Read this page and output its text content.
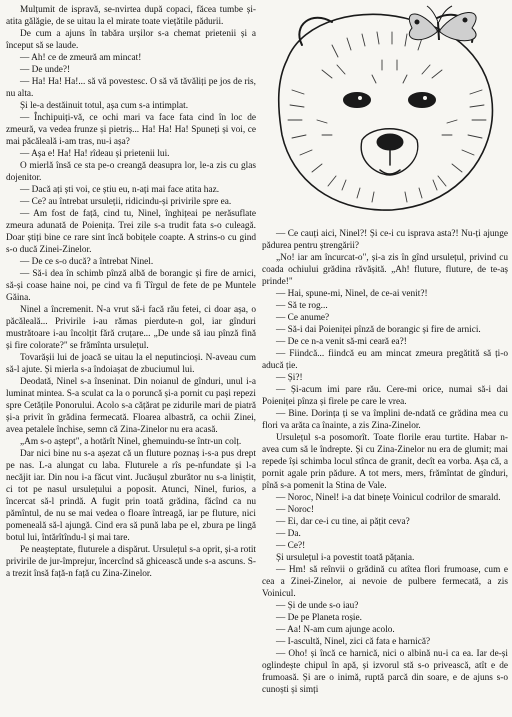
Mulțumit de ispravă, se-nvirtea după copaci, făcea tumbe și-atita gălăgie, de se uitau la el mirate toate viețătile pădurii.

De cum a ajuns în tabăra urșilor s-a chemat prietenii și a început să se laude.

— Ah! ce de zmeură am mincat!

— De unde?!

— Ha! Ha! Ha!... să vă povestesc. O să vă tăvăliți pe jos de ris, nu alta.

Și le-a destăinuit totul, așa cum s-a intimplat.

— Închipuiți-vă, ce ochi mari va face fata cind în loc de zmeură, va vedea frunze și pietriș... Ha! Ha! Ha! Spuneți și voi, ce mai păcăleală i-am tras, nu-i așa?

— Așa e! Ha! Ha! rîdeau și prietenii lui.

O mierlă însă ce sta pe-o creangă deasupra lor, le-a zis cu glas dojenitor.

— Dacă ați ști voi, ce știu eu, n-ați mai face atita haz.

— Ce? au întrebat ursuleții, ridicindu-și privirile spre ea.

— Am fost de față, cind tu, Ninel, înghițeai pe nerăsuflate zmeura adunată de Poienița. Trei zile s-a trudit fata s-o culeagă. Doar știți bine ce rare sint încă bobițele coapte. A strins-o cu gind s-o ducă Zinei-Zinelor.

— De ce s-o ducă? a întrebat Ninel.

— Să-i dea în schimb pînză albă de borangic și fire de arnici, să-și coase haine noi, pe cind va fi Tîrgul de fete de pe Muntele Găina.

Ninel a încremenit. N-a vrut să-i facă rău fetei, ci doar așa, o păcăleală... Privirile i-au rămas pierdute-n gol, iar gînduri mustrătoare i-au încolțit fără cruțare... „De unde să iau pînză fină și fire colorate?" se frămînta ursulețul.

Tovarășii lui de joacă se uitau la el neputincioși. N-aveau cum să-l ajute. Și mierla s-a îndoiașat de zbuciumul lui.

Deodată, Ninel s-a înseninat. Din noianul de gînduri, unul i-a luminat mintea. S-a sculat ca la o poruncă și-a pornit cu pași repezi spre Cetățile Ponorului. Acolo s-a cățărat pe zidurile mari de piatră și-a privit în grădina fermecată. Floarea albastră, ca ochii Zinei, avea petalele închise, semn că Zina-Zinelor nu era acasă.

„Am s-o aștept", a hotărît Ninel, ghemuindu-se într-un colț.

Dar nici bine nu s-a așezat că un fluture poznaș i-s-a pus drept pe nas. L-a alungat cu laba. Fluturele a rîs pe-nfundate și l-a necăjit iar. Din nou i-a făcut vint. Jucăușul zburător nu s-a liniștit, ci tot pe nasul ursulețului a poposit. Atunci, Ninel, furios, a încercat să-l prindă. A fugit prin toată grădina, făcînd ca nu pămîntul, de nu se mai vedea o floare întreagă, iar pe fluture, nici pomeneală să-l ajungă. Cind era să pună laba pe el, zbura pe lingă botul lui, întărîtîndu-l și mai tare.

Pe neașteptate, fluturele a dispărut. Ursulețul s-a oprit, și-a rotit privirile de jur-împrejur, încercînd să ghicească unde s-a ascuns. S-a trezit însă față-n față cu Zina-Zinelor.

— Ce cauți aici, Ninel?! Și ce-i cu isprava asta?! Nu-ți ajunge pădurea pentru ștrengării?

„No! iar am încurcat-o", și-a zis în gînd ursulețul, privind cu coada ochiului grădina răvășită. „Ah! fluture, fluture, de te-aș prinde!"

— Hai, spune-mi, Ninel, de ce-ai venit?!

— Să te rog...

— Ce anume?

— Să-i dai Poieniței pînză de borangic și fire de arnici.

— De ce n-a venit să-mi ceară ea?!

— Fiindcă... fiindcă eu am mincat zmeura pregătită să ți-o aducă ție.

— Și?!

— Și-acum imi pare rău. Cere-mi orice, numai să-i dai Poieniței pînza și firele pe care le vrea.

— Bine. Dorința ți se va împlini de-ndată ce grădina mea cu flori va arăta ca înainte, a zis Zina-Zinelor.

Ursulețul s-a posomorît. Toate florile erau turtite. Habar n-avea cum să le îndrepte. Și cu Zina-Zinelor nu era de glumit; mai repede își schimba locul stînca de granit, decît ea vorba. Așa că, a pornit agale prin pădure. A tot mers, mers, frămîntat de gînduri, pînă s-a pomenit la Stina de Vale.

— Noroc, Ninel! i-a dat binețe Voinicul codrilor de smarald.

— Noroc!

— Ei, dar ce-i cu tine, ai pățit ceva?

— Da.

— Ce?!

Și ursulețul i-a povestit toată pățania.

— Hm! să reînvii o grădină cu atîtea flori frumoase, cum e cea a Zinei-Zinelor, ai nevoie de pulbere fermecată, a zis Voinicul.

— Și de unde s-o iau?

— De pe Planeta roșie.

— Aa! N-am cum ajunge acolo.

— I-ascultă, Ninel, zici că fata e harnică?

— Oho! și încă ce harnică, nici o albină nu-i ca ea. Iar de-și oglindește chipul în apă, și izvorul stă s-o privească, atît e de frumoasă. Și are o inimă, ruptă parcă din soare, e de ajuns s-o cunoști și simți
